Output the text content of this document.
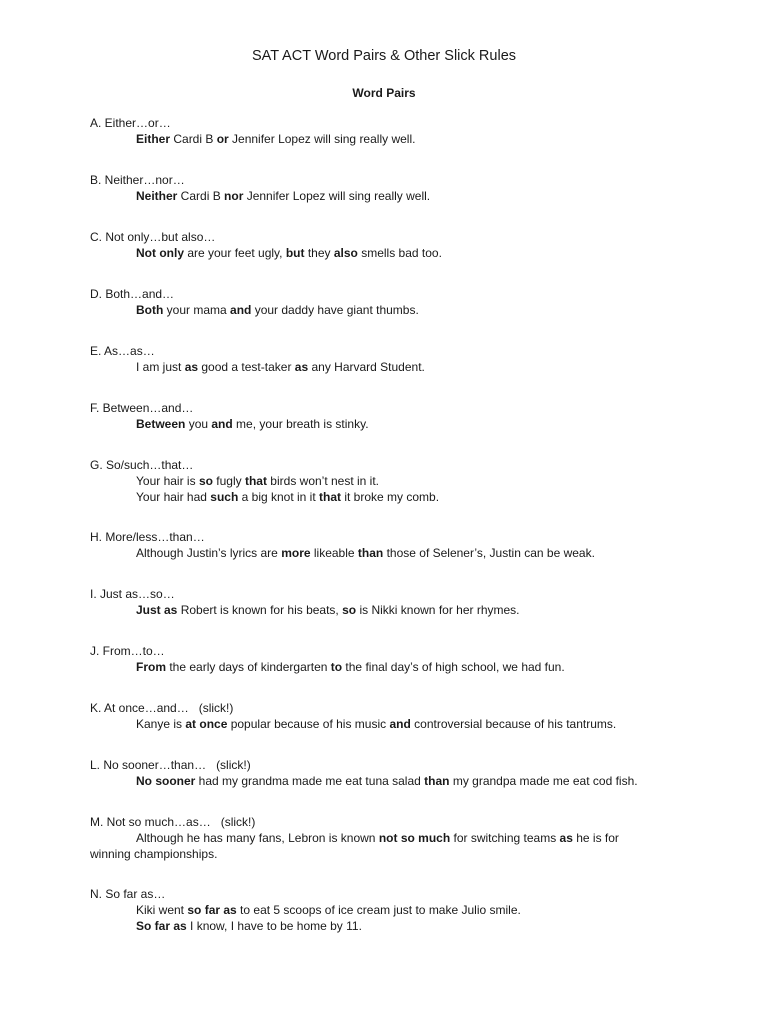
SAT ACT Word Pairs & Other Slick Rules
Word Pairs
A. Either…or…
Either Cardi B or Jennifer Lopez will sing really well.
B. Neither…nor…
Neither Cardi B nor Jennifer Lopez will sing really well.
C. Not only…but also…
Not only are your feet ugly, but they also smells bad too.
D. Both…and…
Both your mama and your daddy have giant thumbs.
E. As…as…
I am just as good a test-taker as any Harvard Student.
F. Between…and…
Between you and me, your breath is stinky.
G. So/such…that…
Your hair is so fugly that birds won’t nest in it.
Your hair had such a big knot in it that it broke my comb.
H. More/less…than…
Although Justin’s lyrics are more likeable than those of Selener’s, Justin can be weak.
I. Just as…so…
Just as Robert is known for his beats, so is Nikki known for her rhymes.
J. From…to…
From the early days of kindergarten to the final day’s of high school, we had fun.
K. At once…and…   (slick!)
Kanye is at once popular because of his music and controversial because of his tantrums.
L. No sooner…than…   (slick!)
No sooner had my grandma made me eat tuna salad than my grandpa made me eat cod fish.
M. Not so much…as…   (slick!)
Although he has many fans, Lebron is known not so much for switching teams as he is for
winning championships.
N. So far as…
Kiki went so far as to eat 5 scoops of ice cream just to make Julio smile.
So far as I know, I have to be home by 11.
